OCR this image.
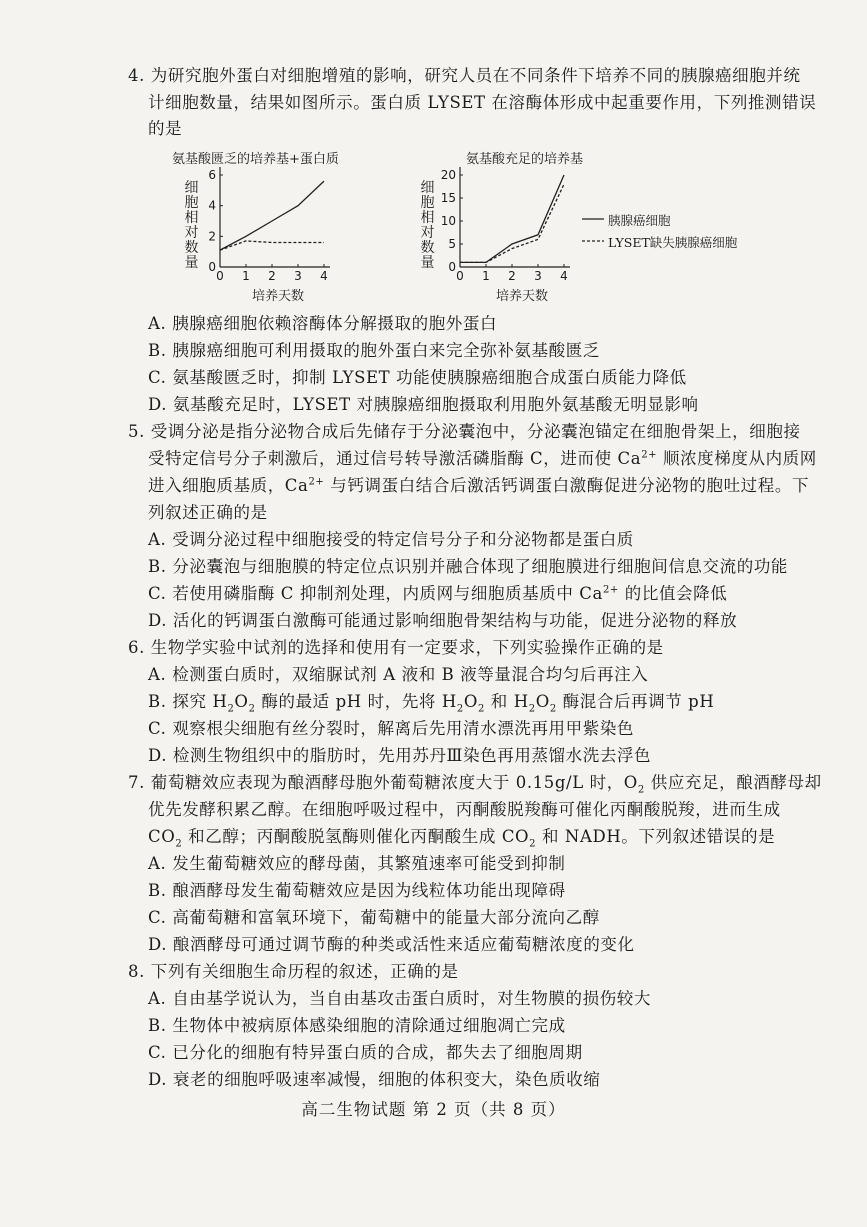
4. 为研究胞外蛋白对细胞增殖的影响，研究人员在不同条件下培养不同的胰腺癌细胞并统
计细胞数量，结果如图所示。蛋白质 LYSET 在溶酶体形成中起重要作用，下列推测错误
的是
氨基酸匮乏的培养基+蛋白质
细
胞
相
对
数
量
0 1 2 3 4
0
2
4
6
培养天数
氨基酸充足的培养基
细
胞
相
对
数
量
0 1 2 3 4
0
5
10
15
20
培养天数
胰腺癌细胞
LYSET缺失胰腺癌细胞
A. 胰腺癌细胞依赖溶酶体分解摄取的胞外蛋白
B. 胰腺癌细胞可利用摄取的胞外蛋白来完全弥补氨基酸匮乏
C. 氨基酸匮乏时，抑制 LYSET 功能使胰腺癌细胞合成蛋白质能力降低
D. 氨基酸充足时，LYSET 对胰腺癌细胞摄取利用胞外氨基酸无明显影响
5. 受调分泌是指分泌物合成后先储存于分泌囊泡中，分泌囊泡锚定在细胞骨架上，细胞接
受特定信号分子刺激后，通过信号转导激活磷脂酶 C，进而使 $Ca^{2+}$ 顺浓度梯度从内质网
进入细胞质基质，$Ca^{2+}$ 与钙调蛋白结合后激活钙调蛋白激酶促进分泌物的胞吐过程。下
列叙述正确的是
A. 受调分泌过程中细胞接受的特定信号分子和分泌物都是蛋白质
B. 分泌囊泡与细胞膜的特定位点识别并融合体现了细胞膜进行细胞间信息交流的功能
C. 若使用磷脂酶 C 抑制剂处理，内质网与细胞质基质中 $Ca^{2+}$ 的比值会降低
D. 活化的钙调蛋白激酶可能通过影响细胞骨架结构与功能，促进分泌物的释放
6. 生物学实验中试剂的选择和使用有一定要求，下列实验操作正确的是
A. 检测蛋白质时，双缩脲试剂 A 液和 B 液等量混合均匀后再注入
B. 探究 $H_2O_2$ 酶的最适 pH 时，先将 $H_2O_2$ 和 $H_2O_2$ 酶混合后再调节 pH
C. 观察根尖细胞有丝分裂时，解离后先用清水漂洗再用甲紫染色
D. 检测生物组织中的脂肪时，先用苏丹Ⅲ染色再用蒸馏水洗去浮色
7. 葡萄糖效应表现为酿酒酵母胞外葡萄糖浓度大于 0.15g/L 时，$O_2$ 供应充足，酿酒酵母却
优先发酵积累乙醇。在细胞呼吸过程中，丙酮酸脱羧酶可催化丙酮酸脱羧，进而生成
$CO_2$ 和乙醇；丙酮酸脱氢酶则催化丙酮酸生成 $CO_2$ 和 NADH。下列叙述错误的是
A. 发生葡萄糖效应的酵母菌，其繁殖速率可能受到抑制
B. 酿酒酵母发生葡萄糖效应是因为线粒体功能出现障碍
C. 高葡萄糖和富氧环境下，葡萄糖中的能量大部分流向乙醇
D. 酿酒酵母可通过调节酶的种类或活性来适应葡萄糖浓度的变化
8. 下列有关细胞生命历程的叙述，正确的是
A. 自由基学说认为，当自由基攻击蛋白质时，对生物膜的损伤较大
B. 生物体中被病原体感染细胞的清除通过细胞凋亡完成
C. 已分化的细胞有特异蛋白质的合成，都失去了细胞周期
D. 衰老的细胞呼吸速率减慢，细胞的体积变大，染色质收缩
高二生物试题 第 2 页（共 8 页）
